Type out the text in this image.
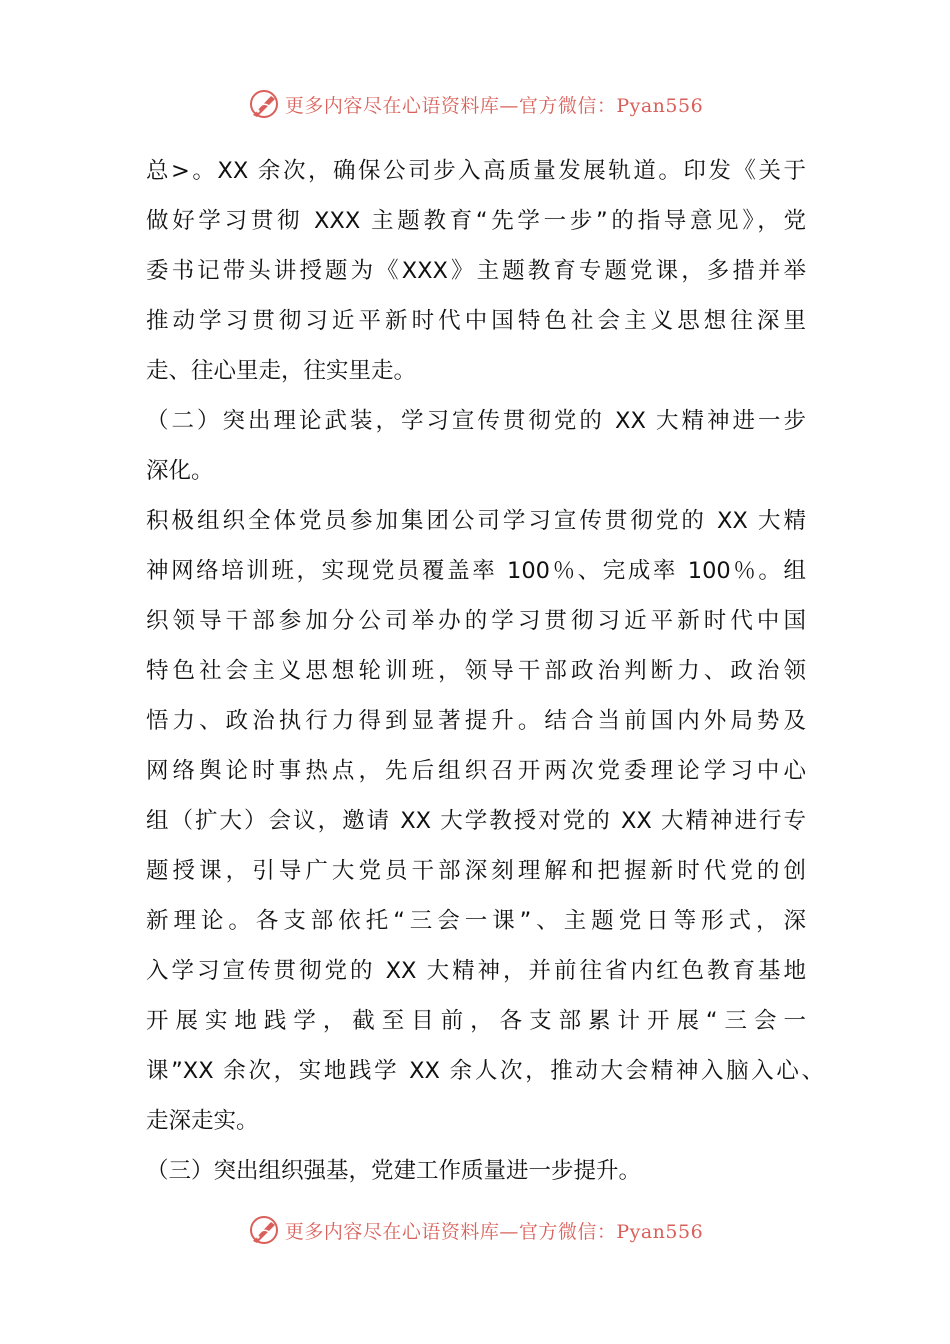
更多内容尽在心语资料库—官方微信：Pyan556
总>。XX 余次，确保公司步入高质量发展轨道。印发《关于
做好学习贯彻 XXX 主题教育“先学一步”的指导意见》，党
委书记带头讲授题为《XXX》主题教育专题党课，多措并举
推动学习贯彻习近平新时代中国特色社会主义思想往深里
走、往心里走，往实里走。
（二）突出理论武装，学习宣传贯彻党的 XX 大精神进一步
深化。
积极组织全体党员参加集团公司学习宣传贯彻党的 XX 大精
神网络培训班，实现党员覆盖率 100％、完成率 100％。组
织领导干部参加分公司举办的学习贯彻习近平新时代中国
特色社会主义思想轮训班，领导干部政治判断力、政治领
悟力、政治执行力得到显著提升。结合当前国内外局势及
网络舆论时事热点，先后组织召开两次党委理论学习中心
组（扩大）会议，邀请 XX 大学教授对党的 XX 大精神进行专
题授课，引导广大党员干部深刻理解和把握新时代党的创
新理论。各支部依托“三会一课”、主题党日等形式，深
入学习宣传贯彻党的 XX 大精神，并前往省内红色教育基地
开展实地践学，截至目前，各支部累计开展“三会一
课”XX 余次，实地践学 XX 余人次，推动大会精神入脑入心、
走深走实。
（三）突出组织强基，党建工作质量进一步提升。
更多内容尽在心语资料库—官方微信：Pyan556
